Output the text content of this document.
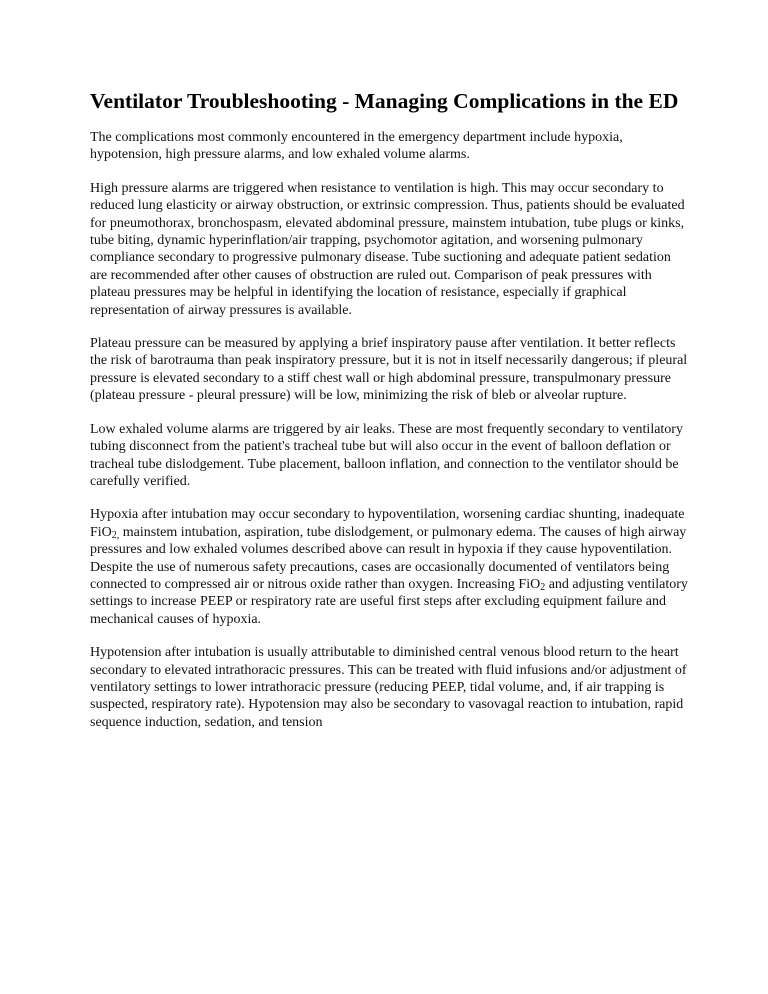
Ventilator Troubleshooting - Managing Complications in the ED

The complications most commonly encountered in the emergency department include hypoxia, hypotension, high pressure alarms, and low exhaled volume alarms.

High pressure alarms are triggered when resistance to ventilation is high. This may occur secondary to reduced lung elasticity or airway obstruction, or extrinsic compression. Thus, patients should be evaluated for pneumothorax, bronchospasm, elevated abdominal pressure, mainstem intubation, tube plugs or kinks, tube biting, dynamic hyperinflation/air trapping, psychomotor agitation, and worsening pulmonary compliance secondary to progressive pulmonary disease. Tube suctioning and adequate patient sedation are recommended after other causes of obstruction are ruled out. Comparison of peak pressures with plateau pressures may be helpful in identifying the location of resistance, especially if graphical representation of airway pressures is available.

Plateau pressure can be measured by applying a brief inspiratory pause after ventilation. It better reflects the risk of barotrauma than peak inspiratory pressure, but it is not in itself necessarily dangerous; if pleural pressure is elevated secondary to a stiff chest wall or high abdominal pressure, transpulmonary pressure (plateau pressure - pleural pressure) will be low, minimizing the risk of bleb or alveolar rupture.

Low exhaled volume alarms are triggered by air leaks. These are most frequently secondary to ventilatory tubing disconnect from the patient's tracheal tube but will also occur in the event of balloon deflation or tracheal tube dislodgement. Tube placement, balloon inflation, and connection to the ventilator should be carefully verified.

Hypoxia after intubation may occur secondary to hypoventilation, worsening cardiac shunting, inadequate FiO$_{2,}$ mainstem intubation, aspiration, tube dislodgement, or pulmonary edema. The causes of high airway pressures and low exhaled volumes described above can result in hypoxia if they cause hypoventilation. Despite the use of numerous safety precautions, cases are occasionally documented of ventilators being connected to compressed air or nitrous oxide rather than oxygen. Increasing FiO$_2$ and adjusting ventilatory settings to increase PEEP or respiratory rate are useful first steps after excluding equipment failure and mechanical causes of hypoxia.

Hypotension after intubation is usually attributable to diminished central venous blood return to the heart secondary to elevated intrathoracic pressures. This can be treated with fluid infusions and/or adjustment of ventilatory settings to lower intrathoracic pressure (reducing PEEP, tidal volume, and, if air trapping is suspected, respiratory rate). Hypotension may also be secondary to vasovagal reaction to intubation, rapid sequence induction, sedation, and tension
